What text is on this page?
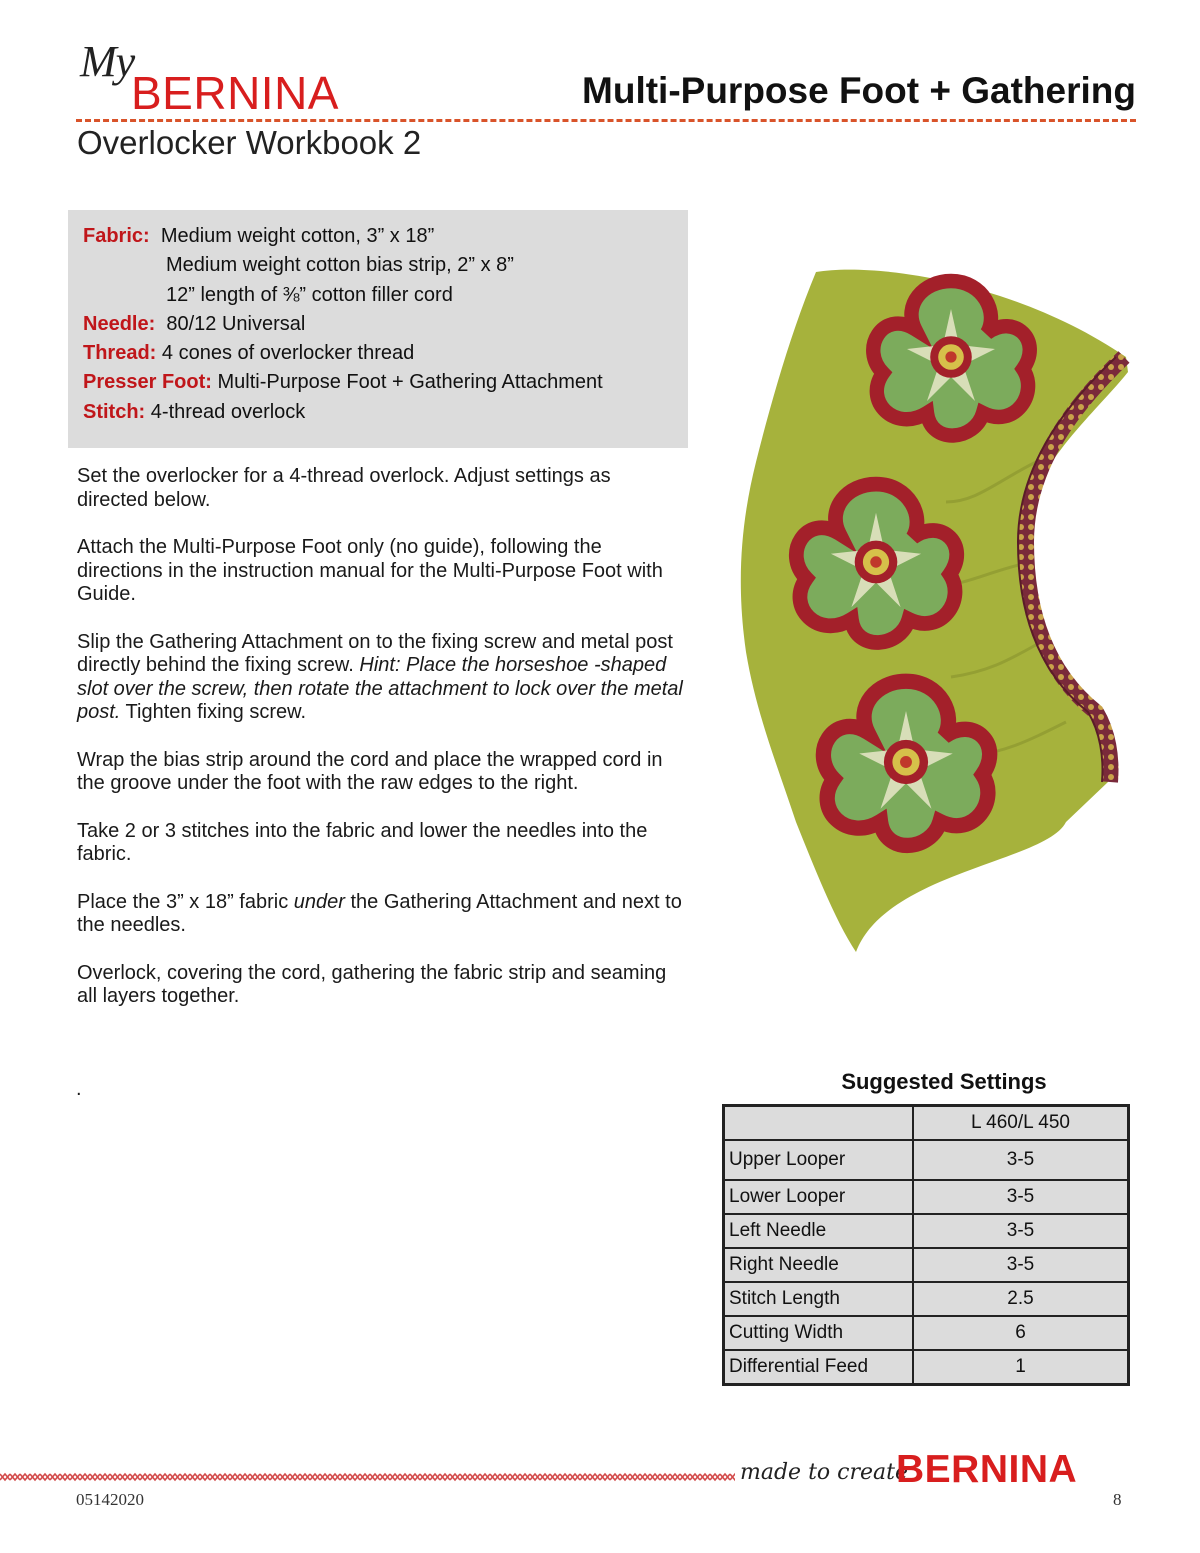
My
BERNINA	Multi-Purpose Foot + Gathering
Overlocker Workbook 2
Fabric: Medium weight cotton, 3” x 18”
Medium weight cotton bias strip, 2” x 8”
12” length of ⅜” cotton filler cord
Needle: 80/12 Universal
Thread: 4 cones of overlocker thread
Presser Foot: Multi-Purpose Foot + Gathering Attachment
Stitch: 4-thread overlock

Set the overlocker for a 4-thread overlock. Adjust settings as directed below.

Attach the Multi-Purpose Foot only (no guide), following the directions in the instruction manual for the Multi-Purpose Foot with Guide.

Slip the Gathering Attachment on to the fixing screw and metal post directly behind the fixing screw. Hint: Place the horseshoe -shaped slot over the screw, then rotate the attachment to lock over the metal post. Tighten fixing screw.

Wrap the bias strip around the cord and place the wrapped cord in the groove under the foot with the raw edges to the right.

Take 2 or 3 stitches into the fabric and lower the needles into the fabric.

Place the 3” x 18” fabric under the Gathering Attachment and next to the needles.

Overlock, covering the cord, gathering the fabric strip and seaming all layers together.

.	Suggested Settings
	L 460/L 450
Upper Looper	3-5
Lower Looper	3-5
Left Needle	3-5
Right Needle	3-5
Stitch Length	2.5
Cutting Width	6
Differential Feed	1
made to create
BERNINA
05142020	8
